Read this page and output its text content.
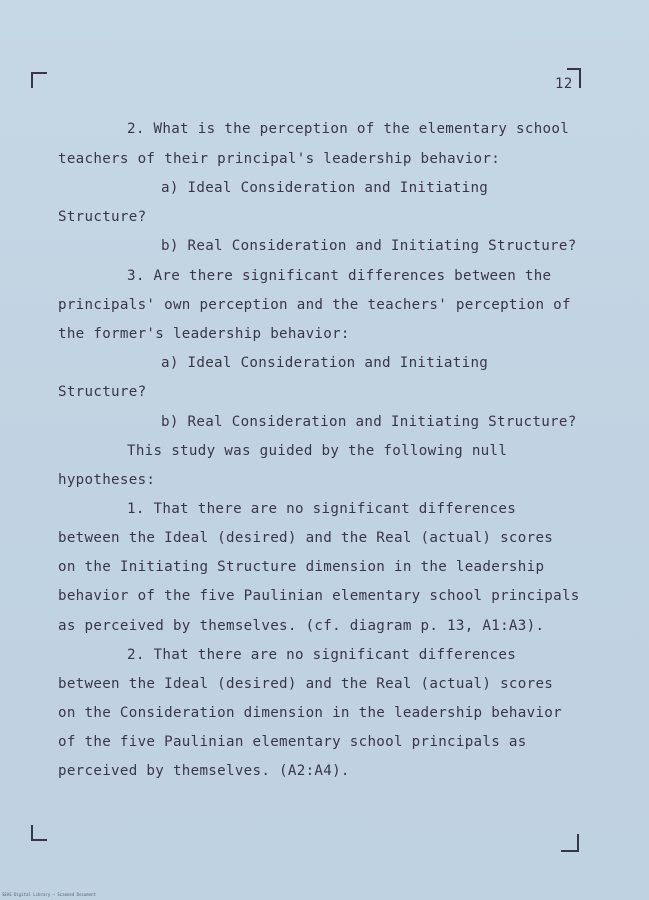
12
2. What is the perception of the elementary school
teachers of their principal's leadership behavior:
a) Ideal Consideration and Initiating
Structure?
b) Real Consideration and Initiating Structure?
3. Are there significant differences between the
principals' own perception and the teachers' perception of
the former's leadership behavior:
a) Ideal Consideration and Initiating
Structure?
b) Real Consideration and Initiating Structure?
This study was guided by the following null
hypotheses:
1. That there are no significant differences
between the Ideal (desired) and the Real (actual) scores
on the Initiating Structure dimension in the leadership
behavior of the five Paulinian elementary school principals
as perceived by themselves. (cf. diagram p. 13, A1:A3).
2. That there are no significant differences
between the Ideal (desired) and the Real (actual) scores
on the Consideration dimension in the leadership behavior
of the five Paulinian elementary school principals as
perceived by themselves. (A2:A4).
SEAS Digital Library — Scanned Document
